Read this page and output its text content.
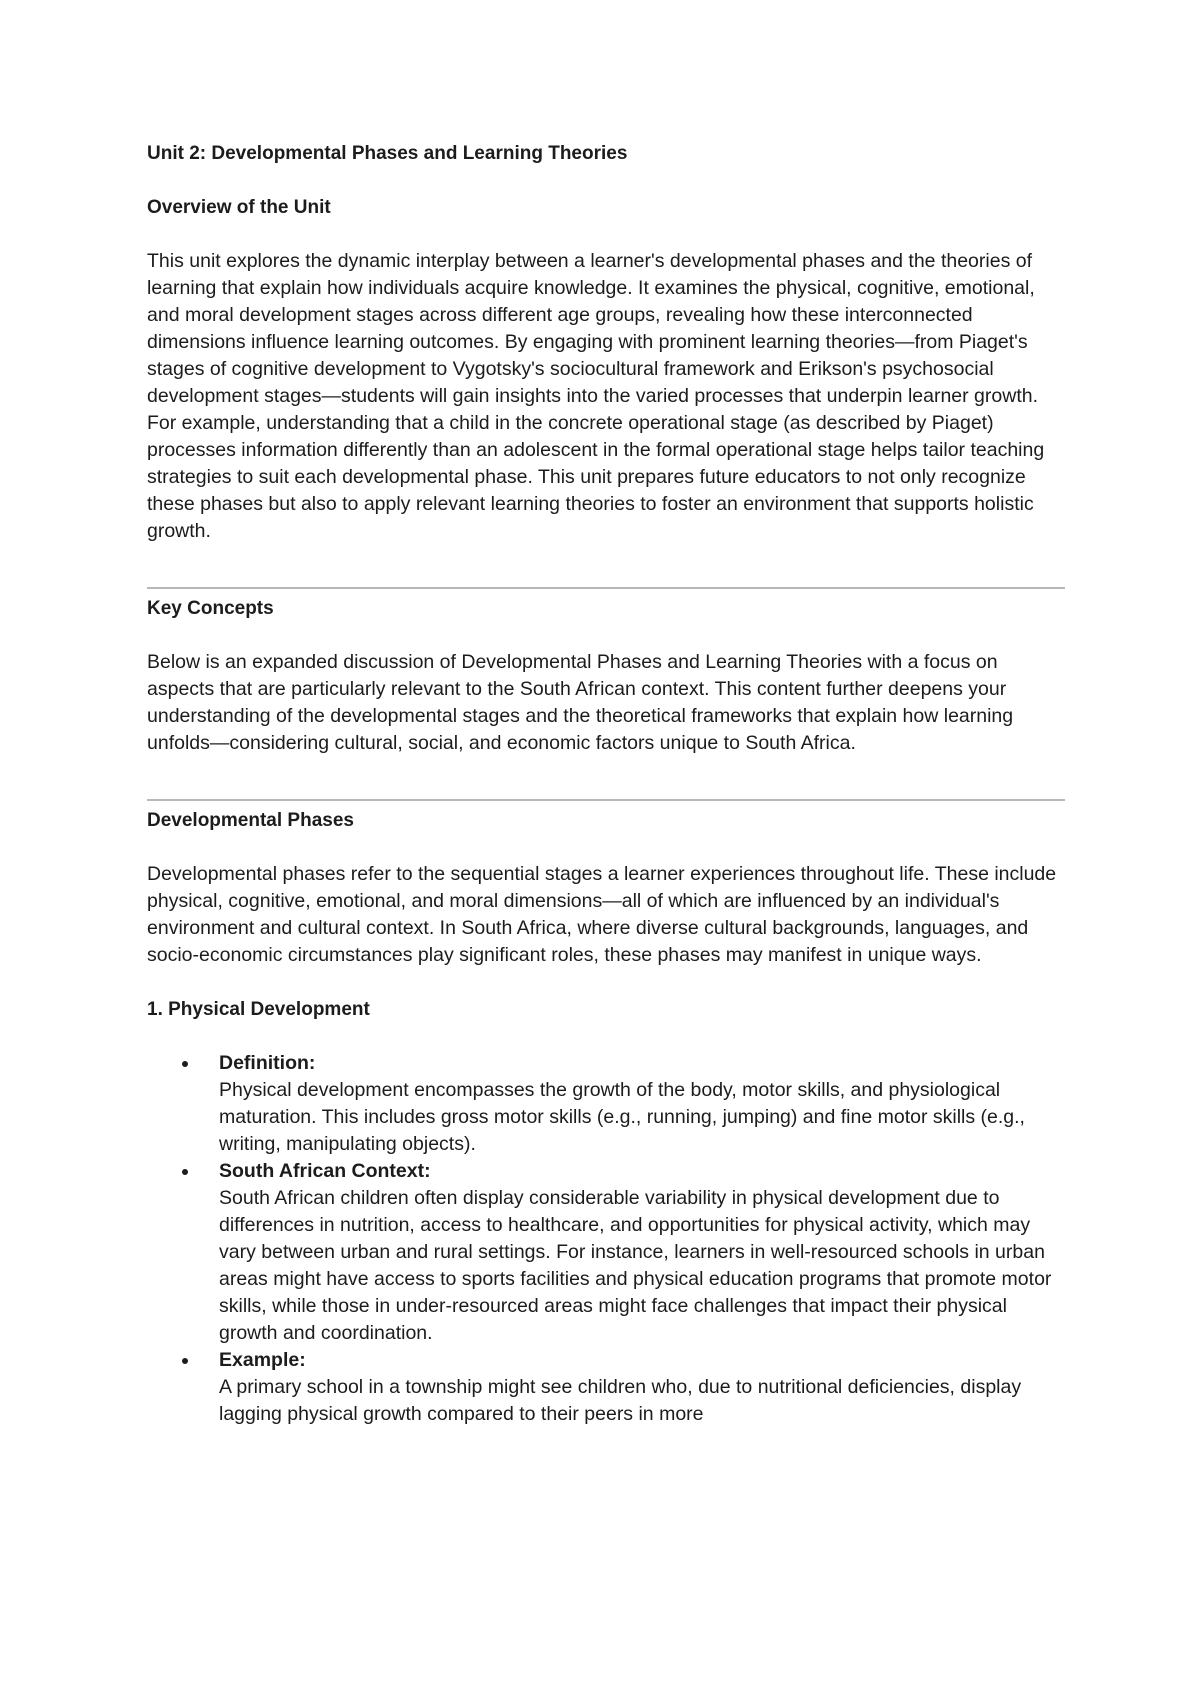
Unit 2: Developmental Phases and Learning Theories

Overview of the Unit

This unit explores the dynamic interplay between a learner's developmental phases and the theories of learning that explain how individuals acquire knowledge. It examines the physical, cognitive, emotional, and moral development stages across different age groups, revealing how these interconnected dimensions influence learning outcomes. By engaging with prominent learning theories—from Piaget's stages of cognitive development to Vygotsky's sociocultural framework and Erikson's psychosocial development stages—students will gain insights into the varied processes that underpin learner growth. For example, understanding that a child in the concrete operational stage (as described by Piaget) processes information differently than an adolescent in the formal operational stage helps tailor teaching strategies to suit each developmental phase. This unit prepares future educators to not only recognize these phases but also to apply relevant learning theories to foster an environment that supports holistic growth.

Key Concepts

Below is an expanded discussion of Developmental Phases and Learning Theories with a focus on aspects that are particularly relevant to the South African context. This content further deepens your understanding of the developmental stages and the theoretical frameworks that explain how learning unfolds—considering cultural, social, and economic factors unique to South Africa.

Developmental Phases

Developmental phases refer to the sequential stages a learner experiences throughout life. These include physical, cognitive, emotional, and moral dimensions—all of which are influenced by an individual's environment and cultural context. In South Africa, where diverse cultural backgrounds, languages, and socio-economic circumstances play significant roles, these phases may manifest in unique ways.

1. Physical Development

Definition:
Physical development encompasses the growth of the body, motor skills, and physiological maturation. This includes gross motor skills (e.g., running, jumping) and fine motor skills (e.g., writing, manipulating objects).
South African Context:
South African children often display considerable variability in physical development due to differences in nutrition, access to healthcare, and opportunities for physical activity, which may vary between urban and rural settings. For instance, learners in well-resourced schools in urban areas might have access to sports facilities and physical education programs that promote motor skills, while those in under-resourced areas might face challenges that impact their physical growth and coordination.
Example:
A primary school in a township might see children who, due to nutritional deficiencies, display lagging physical growth compared to their peers in more
